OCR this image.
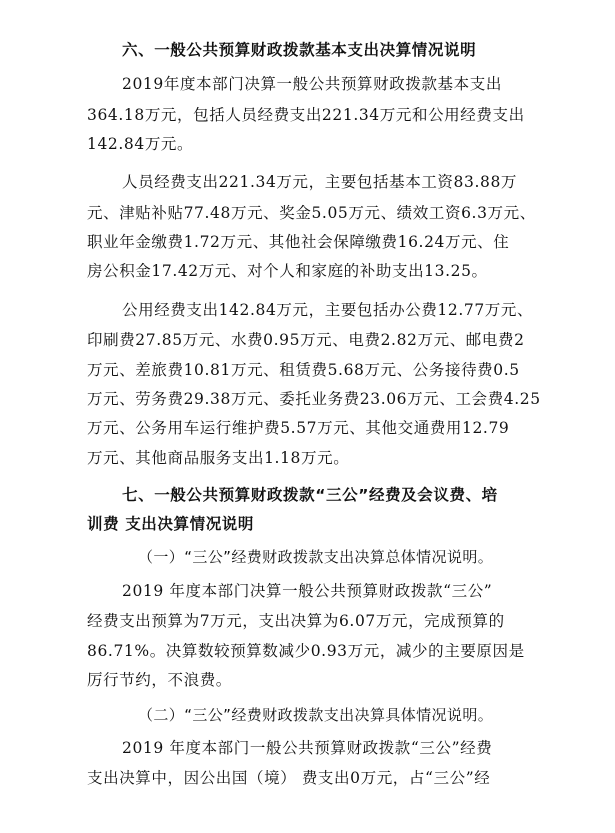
六、一般公共预算财政拨款基本支出决算情况说明
2019年度本部门决算一般公共预算财政拨款基本支出
364.18万元，包括人员经费支出221.34万元和公用经费支出
142.84万元。
人员经费支出221.34万元，主要包括基本工资83.88万
元、津贴补贴77.48万元、奖金5.05万元、绩效工资6.3万元、
职业年金缴费1.72万元、其他社会保障缴费16.24万元、住
房公积金17.42万元、对个人和家庭的补助支出13.25。
公用经费支出142.84万元，主要包括办公费12.77万元、
印刷费27.85万元、水费0.95万元、电费2.82万元、邮电费2
万元、差旅费10.81万元、租赁费5.68万元、公务接待费0.5
万元、劳务费29.38万元、委托业务费23.06万元、工会费4.25
万元、公务用车运行维护费5.57万元、其他交通费用12.79
万元、其他商品服务支出1.18万元。
七、一般公共预算财政拨款“三公”经费及会议费、培
训费 支出决算情况说明
（一）“三公”经费财政拨款支出决算总体情况说明。
2019 年度本部门决算一般公共预算财政拨款“三公”
经费支出预算为7万元，支出决算为6.07万元，完成预算的
86.71%。决算数较预算数减少0.93万元，减少的主要原因是
厉行节约，不浪费。
（二）“三公”经费财政拨款支出决算具体情况说明。
2019 年度本部门一般公共预算财政拨款“三公”经费
支出决算中，因公出国（境） 费支出0万元，占“三公”经
